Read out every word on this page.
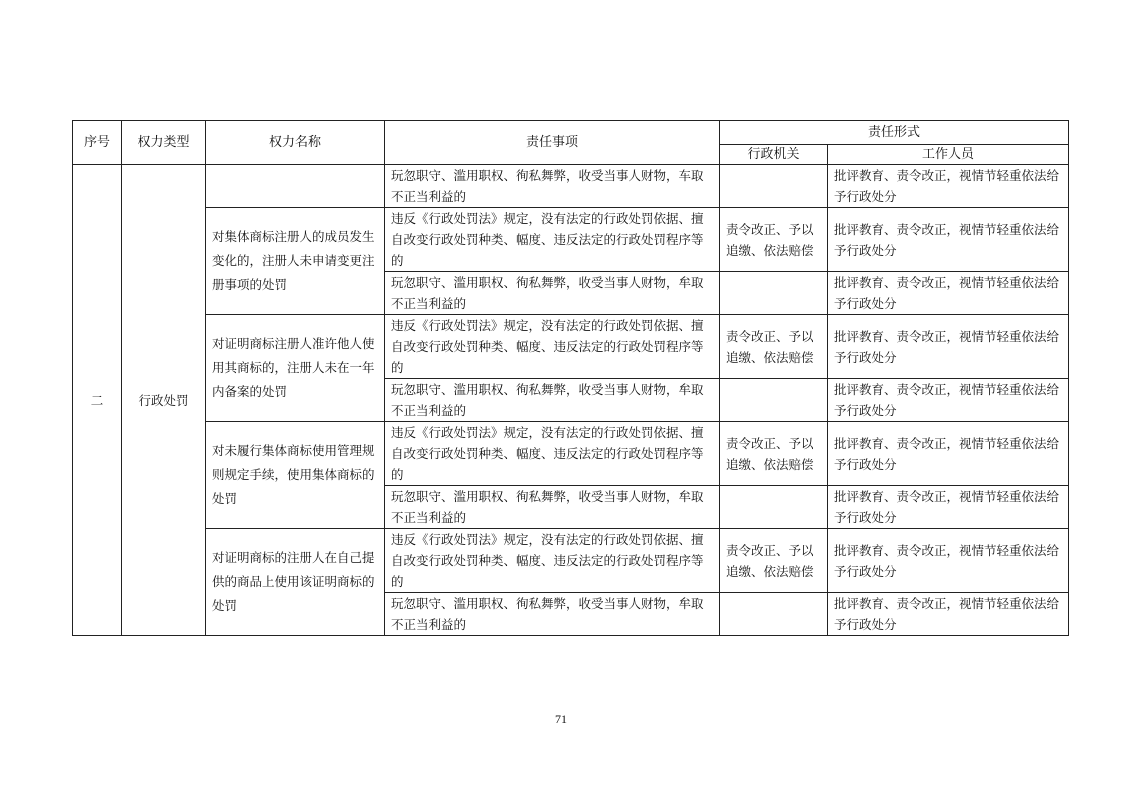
序号	权力类型	权力名称	责任事项	责任形式	
				行政机关	工作人员
二	行政处罚		玩忽职守、滥用职权、徇私舞弊，收受当事人财物，车取不正当利益的		批评教育、责令改正，视情节轻重依法给予行政处分
		对集体商标注册人的成员发生变化的，注册人未申请变更注册事项的处罚	违反《行政处罚法》规定，没有法定的行政处罚依据、擅自改变行政处罚种类、幅度、违反法定的行政处罚程序等的	责令改正、予以追缴、依法赔偿	批评教育、责令改正，视情节轻重依法给予行政处分
			玩忽职守、滥用职权、徇私舞弊，收受当事人财物，牟取不正当利益的		批评教育、责令改正，视情节轻重依法给予行政处分
		对证明商标注册人准许他人使用其商标的，注册人未在一年内备案的处罚	违反《行政处罚法》规定，没有法定的行政处罚依据、擅自改变行政处罚种类、幅度、违反法定的行政处罚程序等的	责令改正、予以追缴、依法赔偿	批评教育、责令改正，视情节轻重依法给予行政处分
			玩忽职守、滥用职权、徇私舞弊，收受当事人财物，牟取不正当利益的		批评教育、责令改正，视情节轻重依法给予行政处分
		对未履行集体商标使用管理规则规定手续，使用集体商标的处罚	违反《行政处罚法》规定，没有法定的行政处罚依据、擅自改变行政处罚种类、幅度、违反法定的行政处罚程序等的	责令改正、予以追缴、依法赔偿	批评教育、责令改正，视情节轻重依法给予行政处分
			玩忽职守、滥用职权、徇私舞弊，收受当事人财物，牟取不正当利益的		批评教育、责令改正，视情节轻重依法给予行政处分
		对证明商标的注册人在自己提供的商品上使用该证明商标的处罚	违反《行政处罚法》规定，没有法定的行政处罚依据、擅自改变行政处罚种类、幅度、违反法定的行政处罚程序等的	责令改正、予以追缴、依法赔偿	批评教育、责令改正，视情节轻重依法给予行政处分
			玩忽职守、滥用职权、徇私舞弊，收受当事人财物，牟取不正当利益的		批评教育、责令改正，视情节轻重依法给予行政处分
71
